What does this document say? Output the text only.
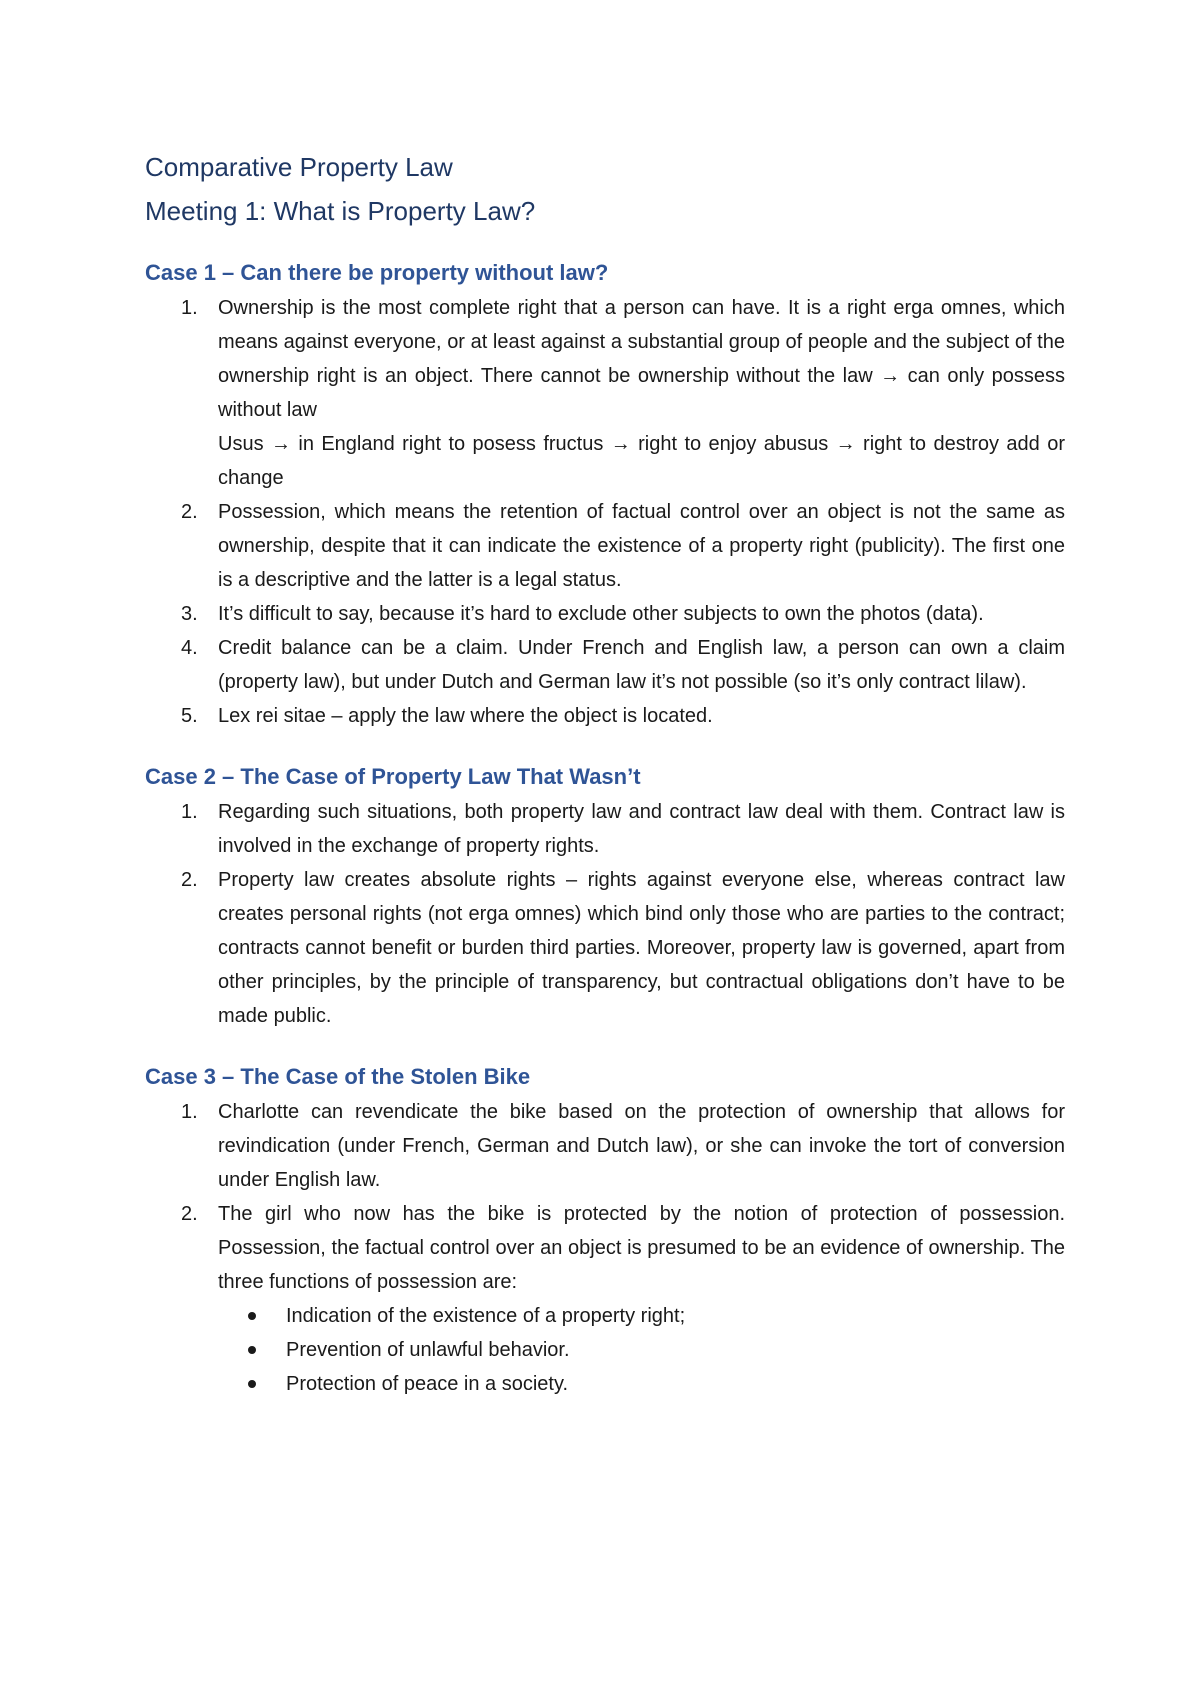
Comparative Property Law
Meeting 1: What is Property Law?
Case 1 – Can there be property without law?
1.	Ownership is the most complete right that a person can have. It is a right erga omnes, which means against everyone, or at least against a substantial group of people and the subject of the ownership right is an object. There cannot be ownership without the law → can only possess without law
Usus → in England right to posess fructus → right to enjoy abusus → right to destroy add or change
2.	Possession, which means the retention of factual control over an object is not the same as ownership, despite that it can indicate the existence of a property right (publicity). The first one is a descriptive and the latter is a legal status.
3.	It’s difficult to say, because it’s hard to exclude other subjects to own the photos (data).
4.	Credit balance can be a claim. Under French and English law, a person can own a claim (property law), but under Dutch and German law it’s not possible (so it’s only contract lilaw).
5.	Lex rei sitae – apply the law where the object is located.
Case 2 – The Case of Property Law That Wasn’t
1.	Regarding such situations, both property law and contract law deal with them. Contract law is involved in the exchange of property rights.
2.	Property law creates absolute rights – rights against everyone else, whereas contract law creates personal rights (not erga omnes) which bind only those who are parties to the contract; contracts cannot benefit or burden third parties. Moreover, property law is governed, apart from other principles, by the principle of transparency, but contractual obligations don’t have to be made public.
Case 3 – The Case of the Stolen Bike
1.	Charlotte can revendicate the bike based on the protection of ownership that allows for revindication (under French, German and Dutch law), or she can invoke the tort of conversion under English law.
2.	The girl who now has the bike is protected by the notion of protection of possession. Possession, the factual control over an object is presumed to be an evidence of ownership. The three functions of possession are:
Indication of the existence of a property right;
Prevention of unlawful behavior.
Protection of peace in a society.
